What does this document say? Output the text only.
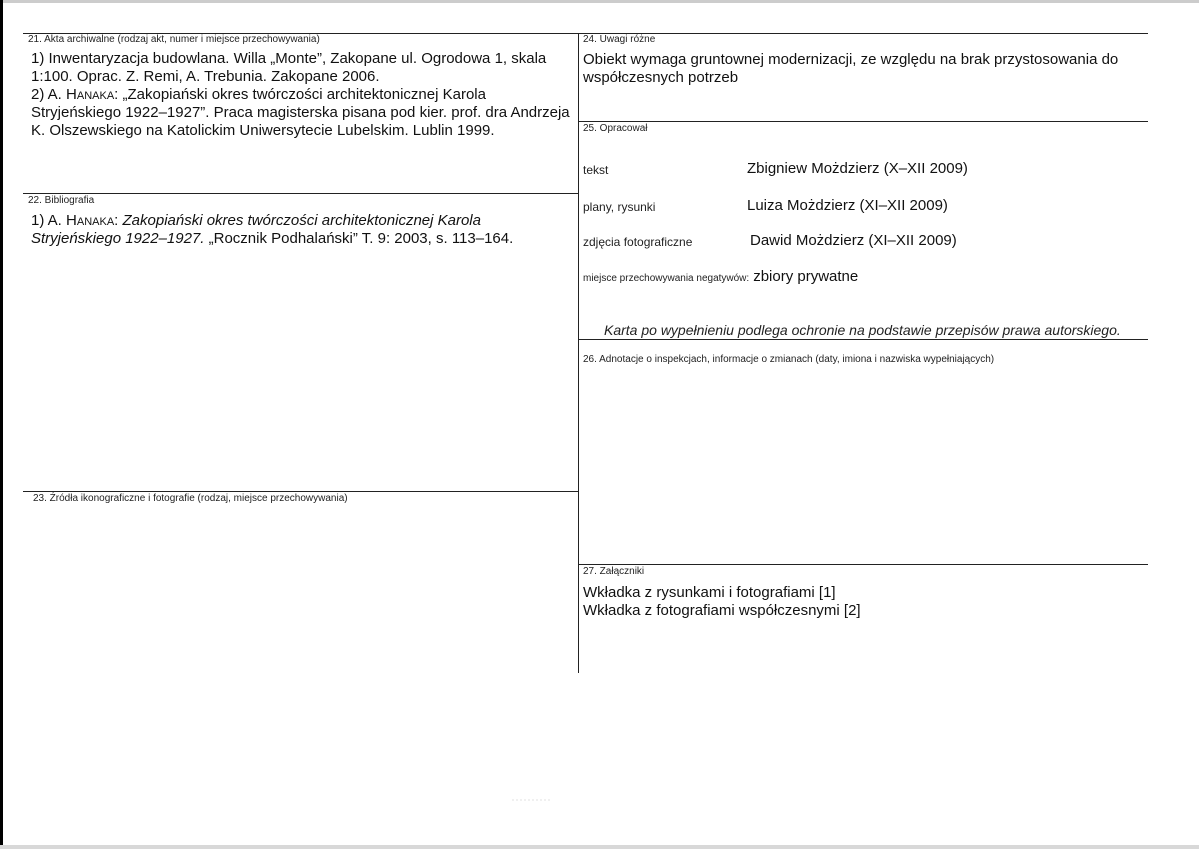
21. Akta archiwalne (rodzaj akt, numer i miejsce przechowywania)

1) Inwentaryzacja budowlana. Willa „Monte”, Zakopane ul. Ogrodowa 1, skala 1:100. Oprac. Z. Remi, A. Trebunia. Zakopane 2006.

2) A. Hanaka: „Zakopiański okres twórczości architektonicznej Karola Stryjeńskiego 1922–1927”. Praca magisterska pisana pod kier. prof. dra Andrzeja K. Olszewskiego na Katolickim Uniwersytecie Lubelskim. Lublin 1999.

22. Bibliografia

1) A. Hanaka: Zakopiański okres twórczości architektonicznej Karola Stryjeńskiego 1922–1927. „Rocznik Podhalański” T. 9: 2003, s. 113–164.

23. Źródła ikonograficzne i fotografie (rodzaj, miejsce przechowywania)
24. Uwagi różne
Obiekt wymaga gruntownej modernizacji, ze względu na brak przystosowania do współczesnych potrzeb
25. Opracował
tekst	Zbigniew Możdzierz (X–XII 2009)
plany, rysunki	Luiza Możdzierz (XI–XII 2009)
zdjęcia fotograficzne	Dawid Możdzierz (XI–XII 2009)
miejsce przechowywania negatywów: zbiory prywatne
Karta po wypełnieniu podlega ochronie na podstawie przepisów prawa autorskiego.
26. Adnotacje o inspekcjach, informacje o zmianach (daty, imiona i nazwiska wypełniających)
27. Załączniki

Wkładka z rysunkami i fotografiami [1]

Wkładka z fotografiami współczesnymi [2]
